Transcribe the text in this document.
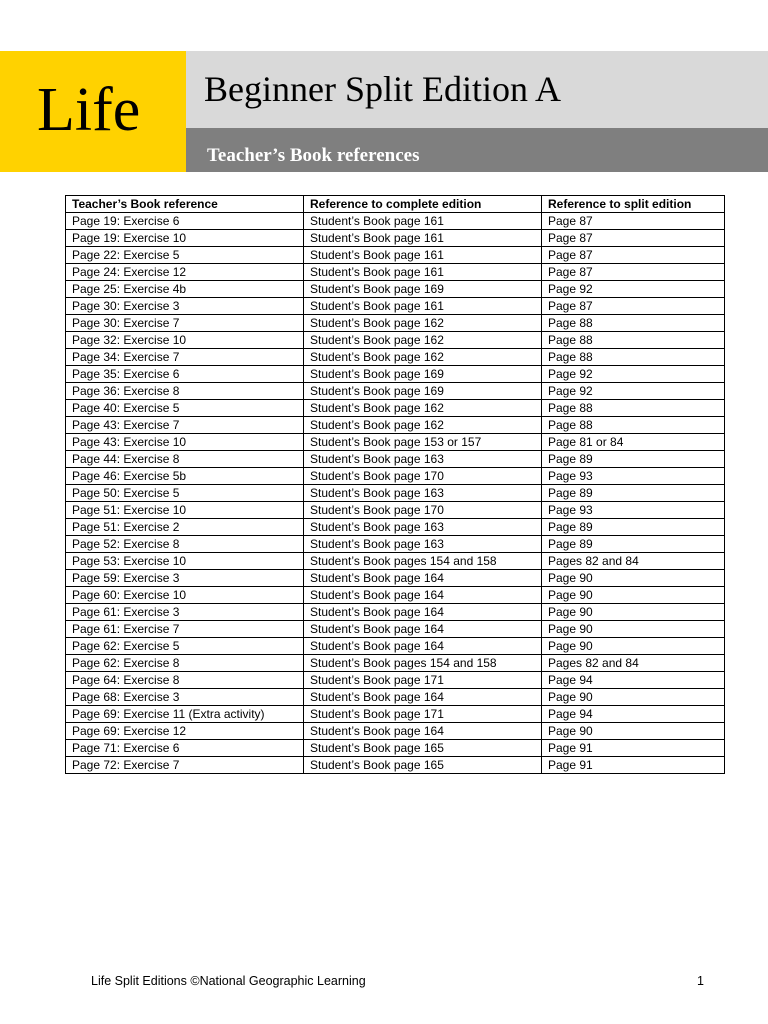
Life Beginner Split Edition A
Teacher’s Book references
Teacher’s Book reference	Reference to complete edition	Reference to split edition
Page 19: Exercise 6	Student’s Book page 161	Page 87
Page 19: Exercise 10	Student’s Book page 161	Page 87
Page 22: Exercise 5	Student’s Book page 161	Page 87
Page 24: Exercise 12	Student’s Book page 161	Page 87
Page 25: Exercise 4b	Student’s Book page 169	Page 92
Page 30: Exercise 3	Student’s Book page 161	Page 87
Page 30: Exercise 7	Student’s Book page 162	Page 88
Page 32: Exercise 10	Student’s Book page 162	Page 88
Page 34: Exercise 7	Student’s Book page 162	Page 88
Page 35: Exercise 6	Student’s Book page 169	Page 92
Page 36: Exercise 8	Student’s Book page 169	Page 92
Page 40: Exercise 5	Student’s Book page 162	Page 88
Page 43: Exercise 7	Student’s Book page 162	Page 88
Page 43: Exercise 10	Student’s Book page 153 or 157	Page 81 or 84
Page 44: Exercise 8	Student’s Book page 163	Page 89
Page 46: Exercise 5b	Student’s Book page 170	Page 93
Page 50: Exercise 5	Student’s Book page 163	Page 89
Page 51: Exercise 10	Student’s Book page 170	Page 93
Page 51: Exercise 2	Student’s Book page 163	Page 89
Page 52: Exercise 8	Student’s Book page 163	Page 89
Page 53: Exercise 10	Student’s Book pages 154 and 158	Pages 82 and 84
Page 59: Exercise 3	Student’s Book page 164	Page 90
Page 60: Exercise 10	Student’s Book page 164	Page 90
Page 61: Exercise 3	Student’s Book page 164	Page 90
Page 61: Exercise 7	Student’s Book page 164	Page 90
Page 62: Exercise 5	Student’s Book page 164	Page 90
Page 62: Exercise 8	Student’s Book pages 154 and 158	Pages 82 and 84
Page 64: Exercise 8	Student’s Book page 171	Page 94
Page 68: Exercise 3	Student’s Book page 164	Page 90
Page 69: Exercise 11 (Extra activity)	Student’s Book page 171	Page 94
Page 69: Exercise 12	Student’s Book page 164	Page 90
Page 71: Exercise 6	Student’s Book page 165	Page 91
Page 72: Exercise 7	Student’s Book page 165	Page 91
Life Split Editions ©National Geographic Learning	1
